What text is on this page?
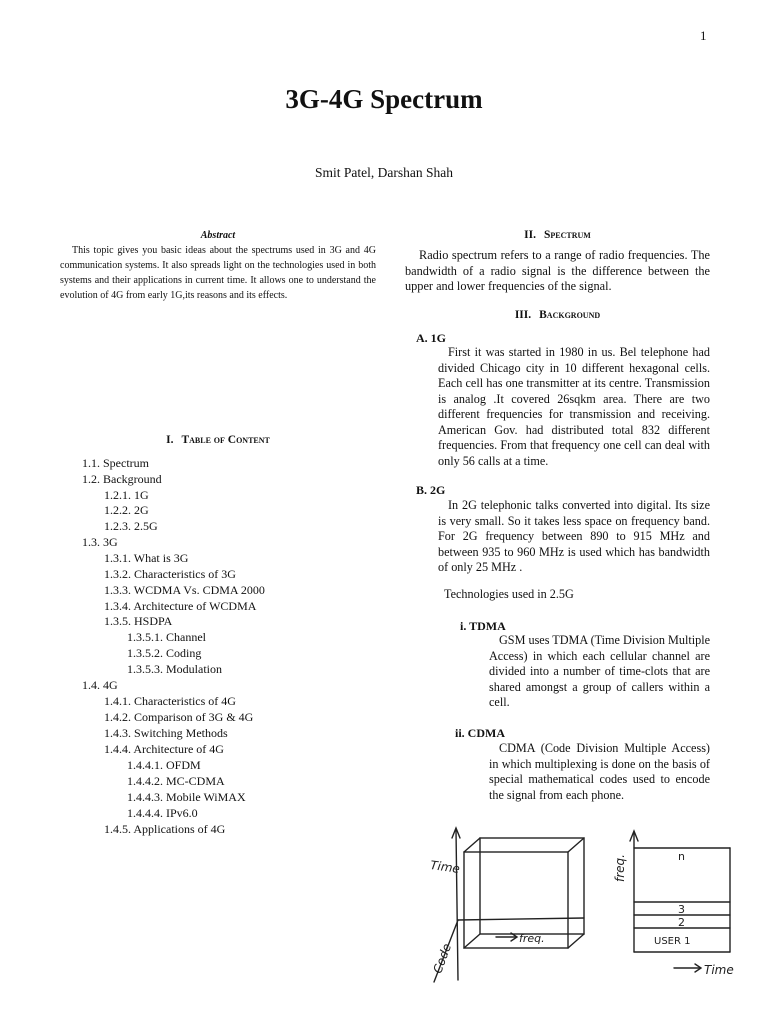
1
3G-4G Spectrum
Smit Patel, Darshan Shah
Abstract

This topic gives you basic ideas about the spectrums used in 3G and 4G communication systems. It also spreads light on the technologies used in both systems and their applications in current time. It allows one to understand the evolution of 4G from early 1G,its reasons and its effects.

I. Table of Content
1.1. Spectrum
1.2. Background
1.2.1. 1G
1.2.2. 2G
1.2.3. 2.5G
1.3. 3G
1.3.1. What is 3G
1.3.2. Characteristics of 3G
1.3.3. WCDMA Vs. CDMA 2000
1.3.4. Architecture of WCDMA
1.3.5. HSDPA
1.3.5.1. Channel
1.3.5.2. Coding
1.3.5.3. Modulation
1.4. 4G
1.4.1. Characteristics of 4G
1.4.2. Comparison of 3G & 4G
1.4.3. Switching Methods
1.4.4. Architecture of 4G
1.4.4.1. OFDM
1.4.4.2. MC-CDMA
1.4.4.3. Mobile WiMAX
1.4.4.4. IPv6.0
1.4.5. Applications of 4G
II. Spectrum

Radio spectrum refers to a range of radio frequencies. The bandwidth of a radio signal is the difference between the upper and lower frequencies of the signal.

III. Background
A. 1G

First it was started in 1980 in us. Bel telephone had divided Chicago city in 10 different hexagonal cells. Each cell has one transmitter at its centre. Transmission is analog .It covered 26sqkm area. There are two different frequencies for transmission and receiving. American Gov. had distributed total 832 different frequencies. From that frequency one cell can deal with only 56 calls at a time.

B. 2G

In 2G telephonic talks converted into digital. Its size is very small. So it takes less space on frequency band. For 2G frequency between 890 to 915 MHz and between 935 to 960 MHz is used which has bandwidth of only 25 MHz .

Technologies used in 2.5G
i. TDMA

GSM uses TDMA (Time Division Multiple Access) in which each cellular channel are divided into a number of time-clots that are shared amongst a group of callers within a cell.

ii. CDMA

CDMA (Code Division Multiple Access) in which multiplexing is done on the basis of special mathematical codes used to encode the signal from each phone.

Time
freq.
Code
freq.	n
3
2
USER 1
Time
